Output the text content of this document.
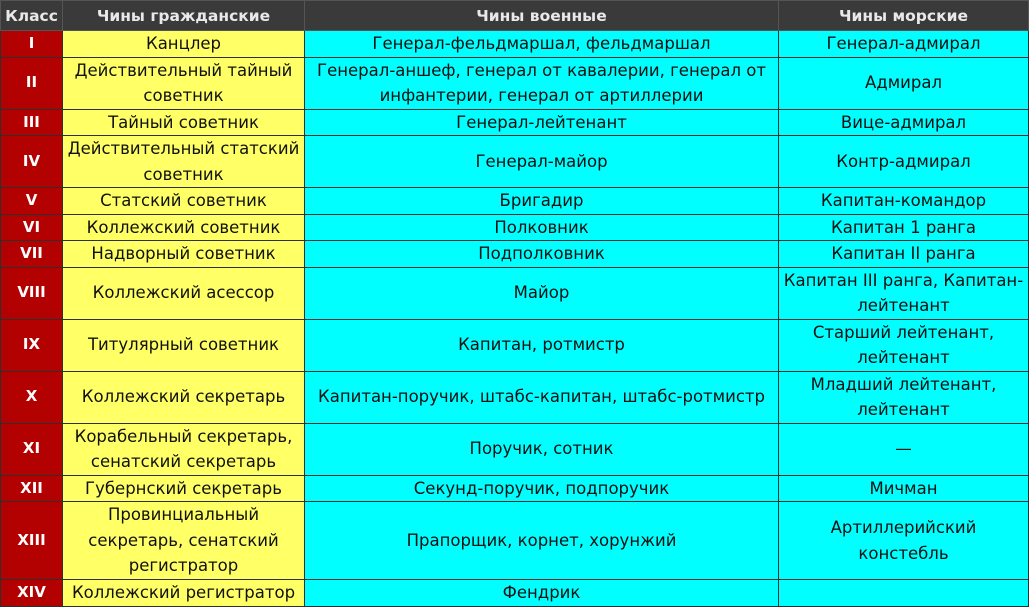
Класс	Чины гражданские	Чины военные	Чины морские
I	Канцлер	Генерал-фельдмаршал, фельдмаршал	Генерал-адмирал
II	Действительный тайный советник	Генерал-аншеф, генерал от кавалерии, генерал от инфантерии, генерал от артиллерии	Адмирал
III	Тайный советник	Генерал-лейтенант	Вице-адмирал
IV	Действительный статский советник	Генерал-майор	Контр-адмирал
V	Статский советник	Бригадир	Капитан-командор
VI	Коллежский советник	Полковник	Капитан 1 ранга
VII	Надворный советник	Подполковник	Капитан II ранга
VIII	Коллежский асессор	Майор	Капитан III ранга, Капитан-лейтенант
IX	Титулярный советник	Капитан, ротмистр	Старший лейтенант, лейтенант
X	Коллежский секретарь	Капитан-поручик, штабс-капитан, штабс-ротмистр	Младший лейтенант, лейтенант
XI	Корабельный секретарь, сенатский секретарь	Поручик, сотник	—
XII	Губернский секретарь	Секунд-поручик, подпоручик	Мичман
XIII	Провинциальный секретарь, сенатский регистратор	Прапорщик, корнет, хорунжий	Артиллерийский констебль
XIV	Коллежский регистратор	Фендрик	
